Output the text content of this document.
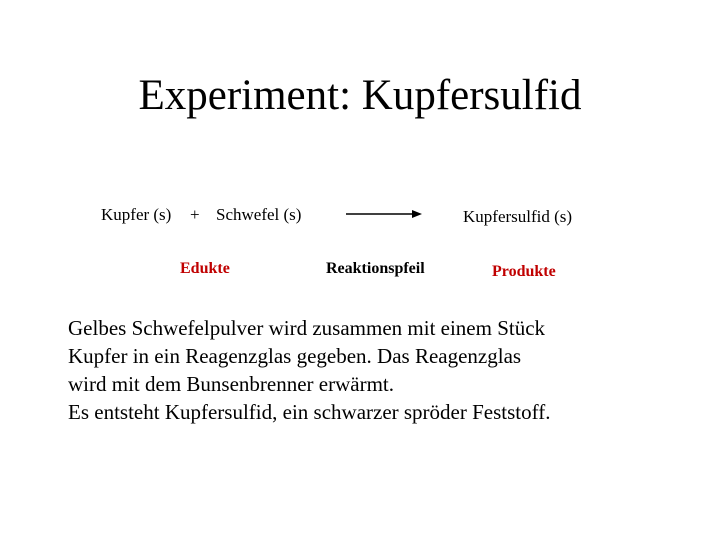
Experiment: Kupfersulfid
Kupfer (s) + Schwefel (s)	Kupfersulfid (s)
Edukte	Reaktionspfeil	Produkte
Gelbes Schwefelpulver wird zusammen mit einem Stück
Kupfer in ein Reagenzglas gegeben. Das Reagenzglas
wird mit dem Bunsenbrenner erwärmt.
Es entsteht Kupfersulfid, ein schwarzer spröder Feststoff.
